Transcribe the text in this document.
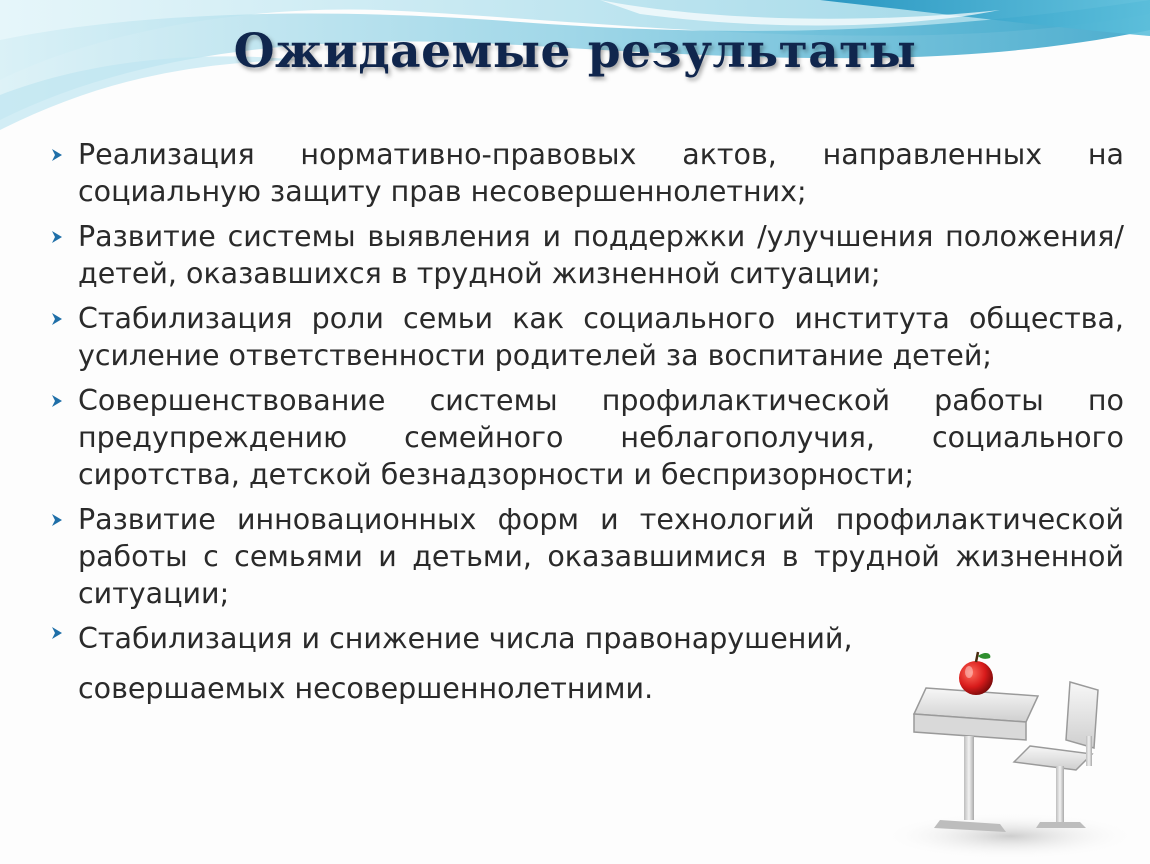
Ожидаемые результаты
Реализация нормативно-правовых актов, направленных на социальную защиту прав несовершеннолетних;
Развитие системы выявления и поддержки /улучшения положения/ детей, оказавшихся в трудной жизненной ситуации;
Стабилизация роли семьи как социального института общества, усиление ответственности родителей за воспитание детей;
Совершенствование системы профилактической работы по предупреждению семейного неблагополучия, социального сиротства, детской безнадзорности и беспризорности;
Развитие инновационных форм и технологий профилактической работы с семьями и детьми, оказавшимися в трудной жизненной ситуации;
Стабилизация и снижение числа правонарушений, совершаемых несовершеннолетними.
